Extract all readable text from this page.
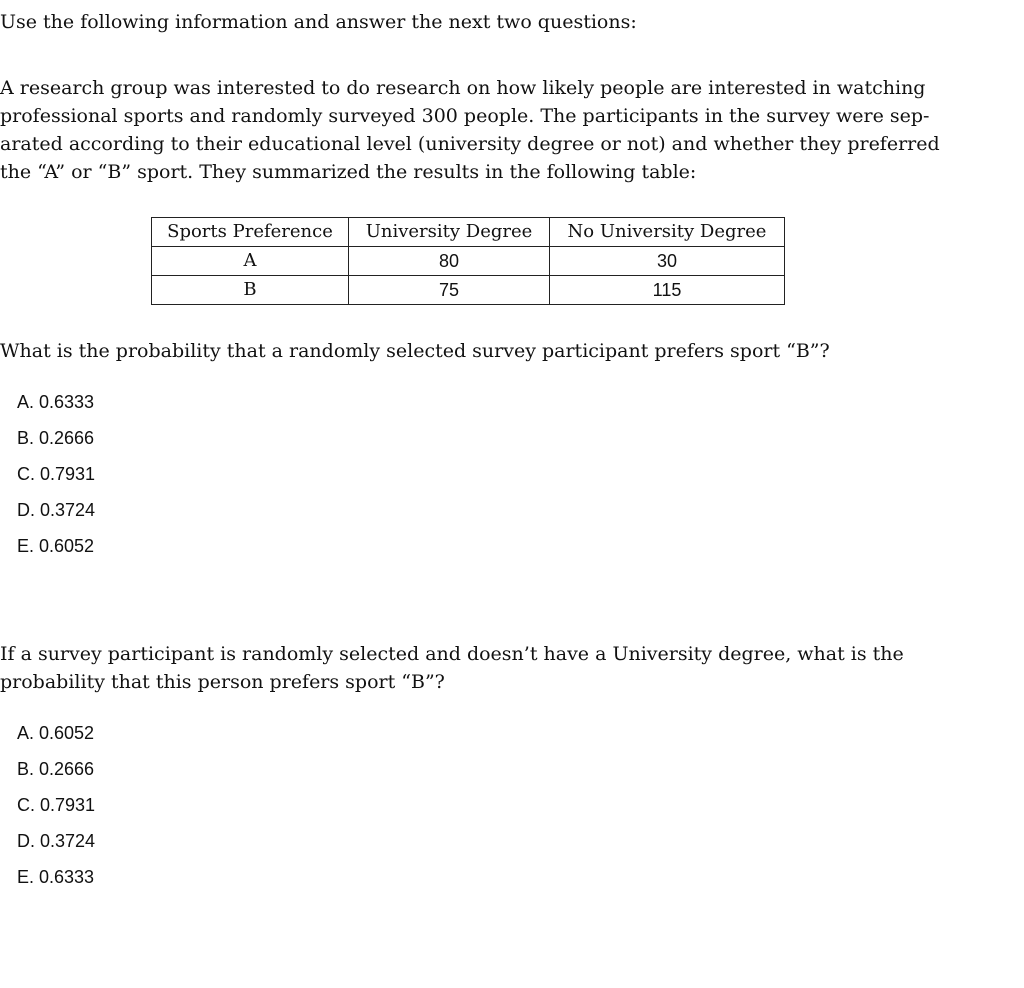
Use the following information and answer the next two questions:

A research group was interested to do research on how likely people are interested in watching
professional sports and randomly surveyed 300 people. The participants in the survey were sep-
arated according to their educational level (university degree or not) and whether they preferred
the “A” or “B” sport. They summarized the results in the following table:

Sports Preference	University Degree	No University Degree
A	80	30
B	75	115

What is the probability that a randomly selected survey participant prefers sport “B”?

A. 0.6333
B. 0.2666
C. 0.7931
D. 0.3724
E. 0.6052

If a survey participant is randomly selected and doesn’t have a University degree, what is the
probability that this person prefers sport “B”?

A. 0.6052
B. 0.2666
C. 0.7931
D. 0.3724
E. 0.6333
